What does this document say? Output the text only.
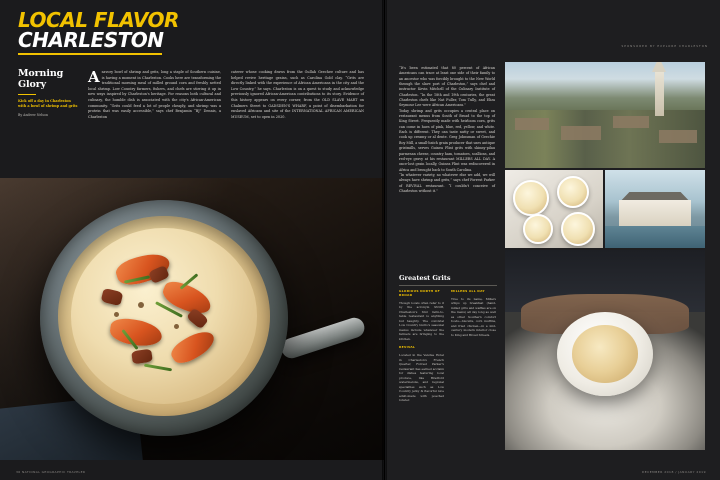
LOCAL FLAVOR
CHARLESTON
Morning Glory
Kick off a day in Charleston with a bowl of shrimp and grits
By Andrew Nelson
Asavory bowl of shrimp and grits, long a staple of Southern cuisine, is having a moment in Charleston. Cooks here are transforming the traditional morning meal of milled ground corn and freshly netted local shrimp. Low Country farmers, fishers, and chefs are stirring it up in new ways inspired by Charleston's heritage. For reasons both cultural and culinary, the humble dish is associated with the city's African-American community. “Grits could feed a lot of people cheaply, and shrimp was a protein that was easily accessible,” says chef Benjamin “BJ” Dennis, a Charleston
caterer whose cooking draws from the Gullah Geechee culture and has helped revive heritage grains, such as Carolina Gold clay. “Grits are directly linked with the experience of African Americans in the city and the Low Country,” he says. Charleston is on a quest to study and acknowledge previously ignored African-American contributions to its story. Evidence of this history appears on every corner, from the OLD SLAVE MART on Chalmers Street to GADSDEN'S WHARF, a point of disembarkation for enslaved Africans and site of the INTERNATIONAL AFRICAN AMERICAN MUSEUM, set to open in 2020.
36 NATIONAL GEOGRAPHIC TRAVELER
SPONSORED BY EXPLORE CHARLESTON
“It's been estimated that 80 percent of African Americans can trace at least one side of their family to an ancestor who was forcibly brought to the New World through the slave port of Charleston,” says chef and instructor Kevin Mitchell of the Culinary Institute of Charleston. “In the 18th and 19th centuries, the great Charleston chefs like Nat Fuller, Tom Tully, and Eliza Seymour Lee were African Americans.”
Today shrimp and grits occupies a central place on restaurant menus from South of Broad to the top of King Street. Frequently made with heirloom corn, grits can come in hues of pink, blue, red, yellow, and white. Each is different. They can taste nutty or sweet, and cook up creamy or al dente. Greg Johnsman of Geechie Boy Mill, a small-batch grain producer that uses antique gristmills, serves Guinea Flint grits with skinny-pilau parmesan cheese, country ham, tomatoes, scallions, and red-eye gravy at his restaurant MILLERS ALL DAY. A once-lost grain locally, Guinea Flint was rediscovered in Africa and brought back to South Carolina.
“In whatever variety, no whatever else we add, we will always have shrimp and grits,” says chef Forrest Parker of REVIVAL restaurant. “I couldn't conceive of Charleston without it.”
Greatest Grits
GLORIOUS NORTH OF BROAD
Though locals often refer to it by the acronym SNOB, Charleston's first farm-to-table restaurant is anything but haughty. The convivial Low Country bistro's seasonal menus include whatever the farmers are bringing to the kitchen.
REVIVAL
Located in the Vendue Hotel in Charleston's French Quarter, Forrest Parker's restaurant has earned acclaim for dishes featuring local produce, like Bradford watermelons, and regional specialties such as Low Country jerky & flavorful nice adult-made with poached lobster.
MILLERS ALL DAY
True to its name, Millers whips up breakfast (hand-milled grits and waffles are on the menu) all day long as well as other Southern comfort foods—biscuits, corn muffins, and fried chicken—in a mid-century modern interior close to King and Broad Streets.
DECEMBER 2018 / JANUARY 2019
